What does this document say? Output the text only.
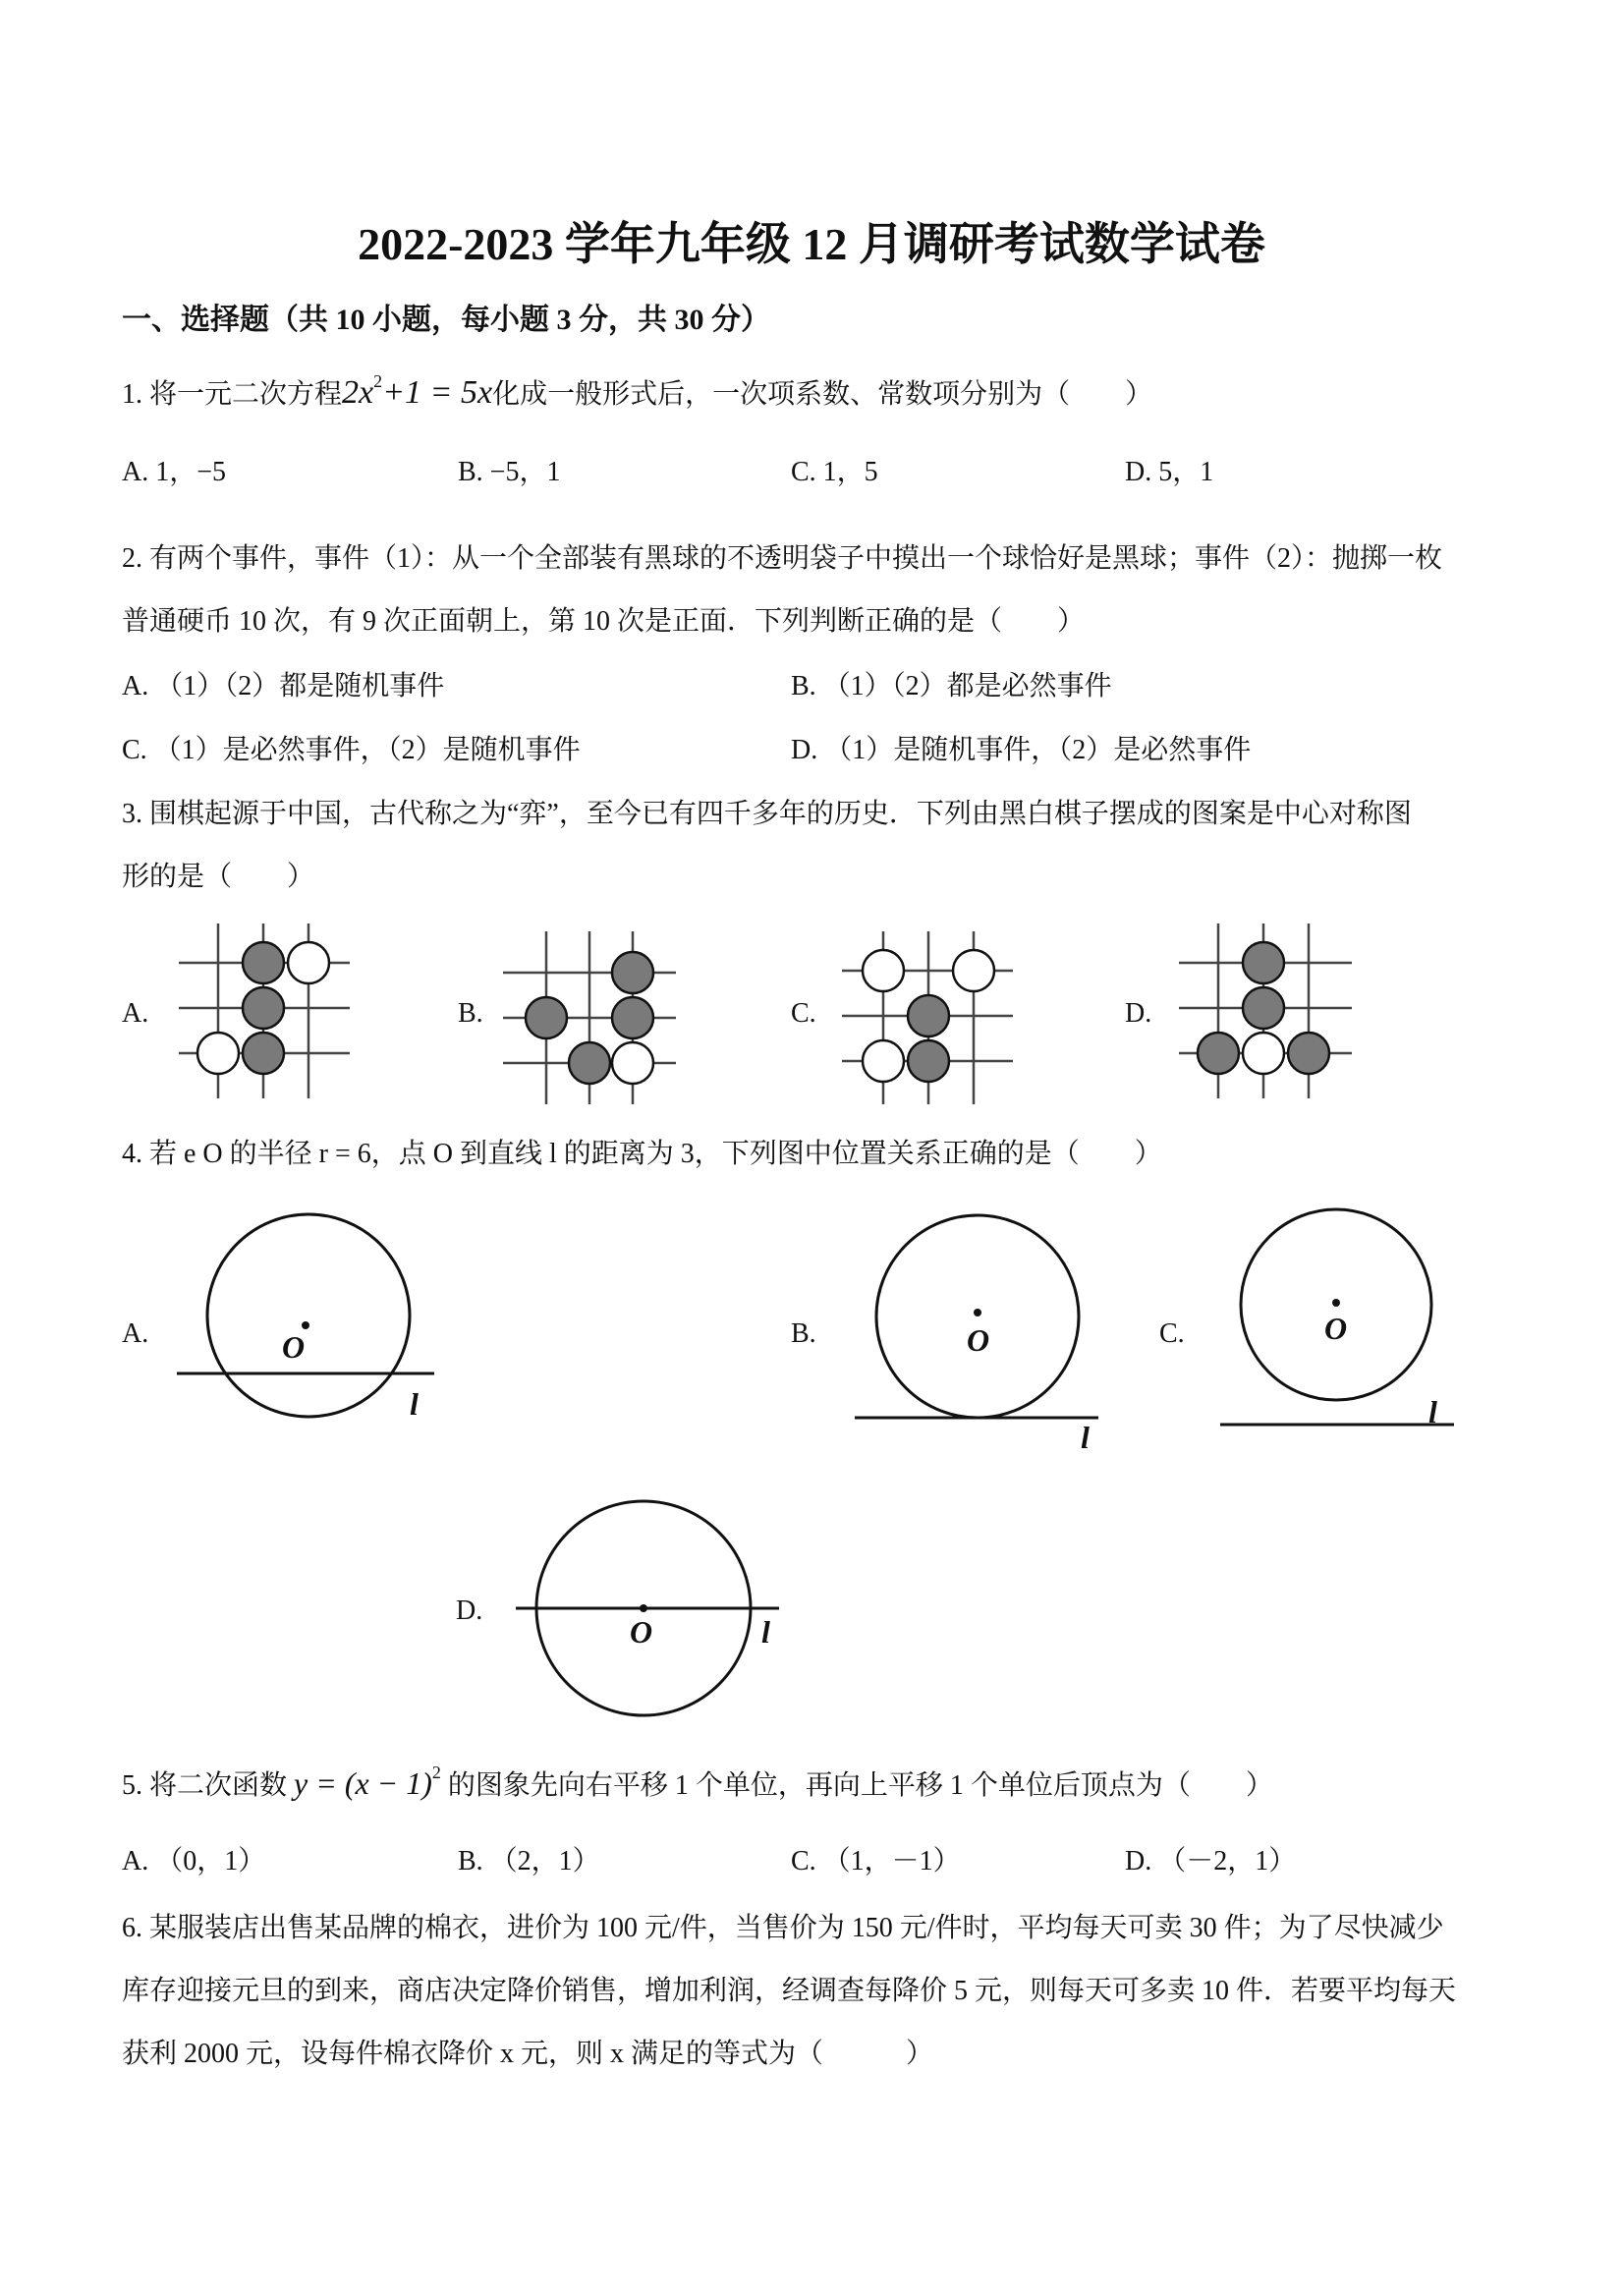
2022-2023 学年九年级 12 月调研考试数学试卷
一、选择题（共 10 小题，每小题 3 分，共 30 分）
1. 将一元二次方程$2x^2+1 = 5x$化成一般形式后，一次项系数、常数项分别为（　　）
A. 1，−5	B. −5，1	C. 1，5	D. 5，1
2. 有两个事件，事件（1）：从一个全部装有黑球的不透明袋子中摸出一个球恰好是黑球；事件（2）：抛掷一枚
普通硬币 10 次，有 9 次正面朝上，第 10 次是正面．下列判断正确的是（　　）
A. （1）（2）都是随机事件	B. （1）（2）都是必然事件
C. （1）是必然事件，（2）是随机事件	D. （1）是随机事件，（2）是必然事件
3. 围棋起源于中国，古代称之为“弈”，至今已有四千多年的历史．下列由黑白棋子摆成的图案是中心对称图
形的是（　　）
A.	B.	C.	D.
4. 若 e O 的半径 r = 6，点 O 到直线 l 的距离为 3，下列图中位置关系正确的是（　　）
A.	O
l
B.	O
l
C.	O
l
D.
O	l
5. 将二次函数 $y = (x - 1)^2$ 的图象先向右平移 1 个单位，再向上平移 1 个单位后顶点为（　　）
A. （0，1）	B. （2，1）	C. （1，－1）	D. （－2，1）
6. 某服装店出售某品牌的棉衣，进价为 100 元/件，当售价为 150 元/件时，平均每天可卖 30 件；为了尽快减少
库存迎接元旦的到来，商店决定降价销售，增加利润，经调查每降价 5 元，则每天可多卖 10 件．若要平均每天
获利 2000 元，设每件棉衣降价 x 元，则 x 满足的等式为（　　　）
